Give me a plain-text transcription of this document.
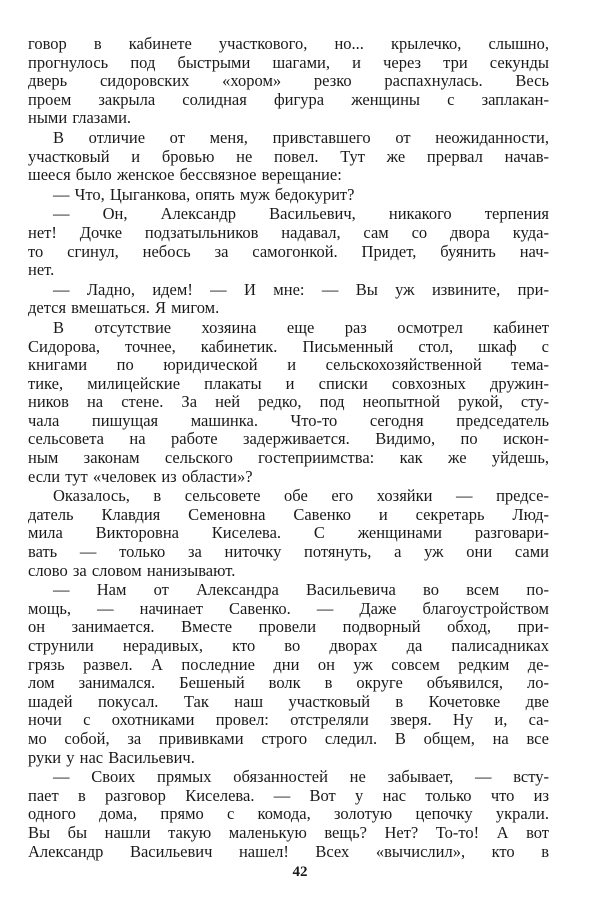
говор в кабинете участкового, но... крылечко, слышно,
прогнулось под быстрыми шагами, и через три секунды
дверь сидоровских «хором» резко распахнулась. Весь
проем закрыла солидная фигура женщины с заплакан-
ными глазами.
В отличие от меня, привставшего от неожиданности,
участковый и бровью не повел. Тут же прервал начав-
шееся было женское бессвязное верещание:
— Что, Цыганкова, опять муж бедокурит?
— Он, Александр Васильевич, никакого терпения
нет! Дочке подзатыльников надавал, сам со двора куда-
то сгинул, небось за самогонкой. Придет, буянить нач-
нет.
— Ладно, идем! — И мне: — Вы уж извините, при-
дется вмешаться. Я мигом.
В отсутствие хозяина еще раз осмотрел кабинет
Сидорова, точнее, кабинетик. Письменный стол, шкаф с
книгами по юридической и сельскохозяйственной тема-
тике, милицейские плакаты и списки совхозных дружин-
ников на стене. За ней редко, под неопытной рукой, сту-
чала пишущая машинка. Что-то сегодня председатель
сельсовета на работе задерживается. Видимо, по искон-
ным законам сельского гостеприимства: как же уйдешь,
если тут «человек из области»?
Оказалось, в сельсовете обе его хозяйки — предсе-
датель Клавдия Семеновна Савенко и секретарь Люд-
мила Викторовна Киселева. С женщинами разговари-
вать — только за ниточку потянуть, а уж они сами
слово за словом нанизывают.
— Нам от Александра Васильевича во всем по-
мощь, — начинает Савенко. — Даже благоустройством
он занимается. Вместе провели подворный обход, при-
струнили нерадивых, кто во дворах да палисадниках
грязь развел. А последние дни он уж совсем редким де-
лом занимался. Бешеный волк в округе объявился, ло-
шадей покусал. Так наш участковый в Кочетовке две
ночи с охотниками провел: отстреляли зверя. Ну и, са-
мо собой, за прививками строго следил. В общем, на все
руки у нас Васильевич.
— Своих прямых обязанностей не забывает, — всту-
пает в разговор Киселева. — Вот у нас только что из
одного дома, прямо с комода, золотую цепочку украли.
Вы бы нашли такую маленькую вещь? Нет? То-то! А вот
Александр Васильевич нашел! Всех «вычислил», кто в
42
